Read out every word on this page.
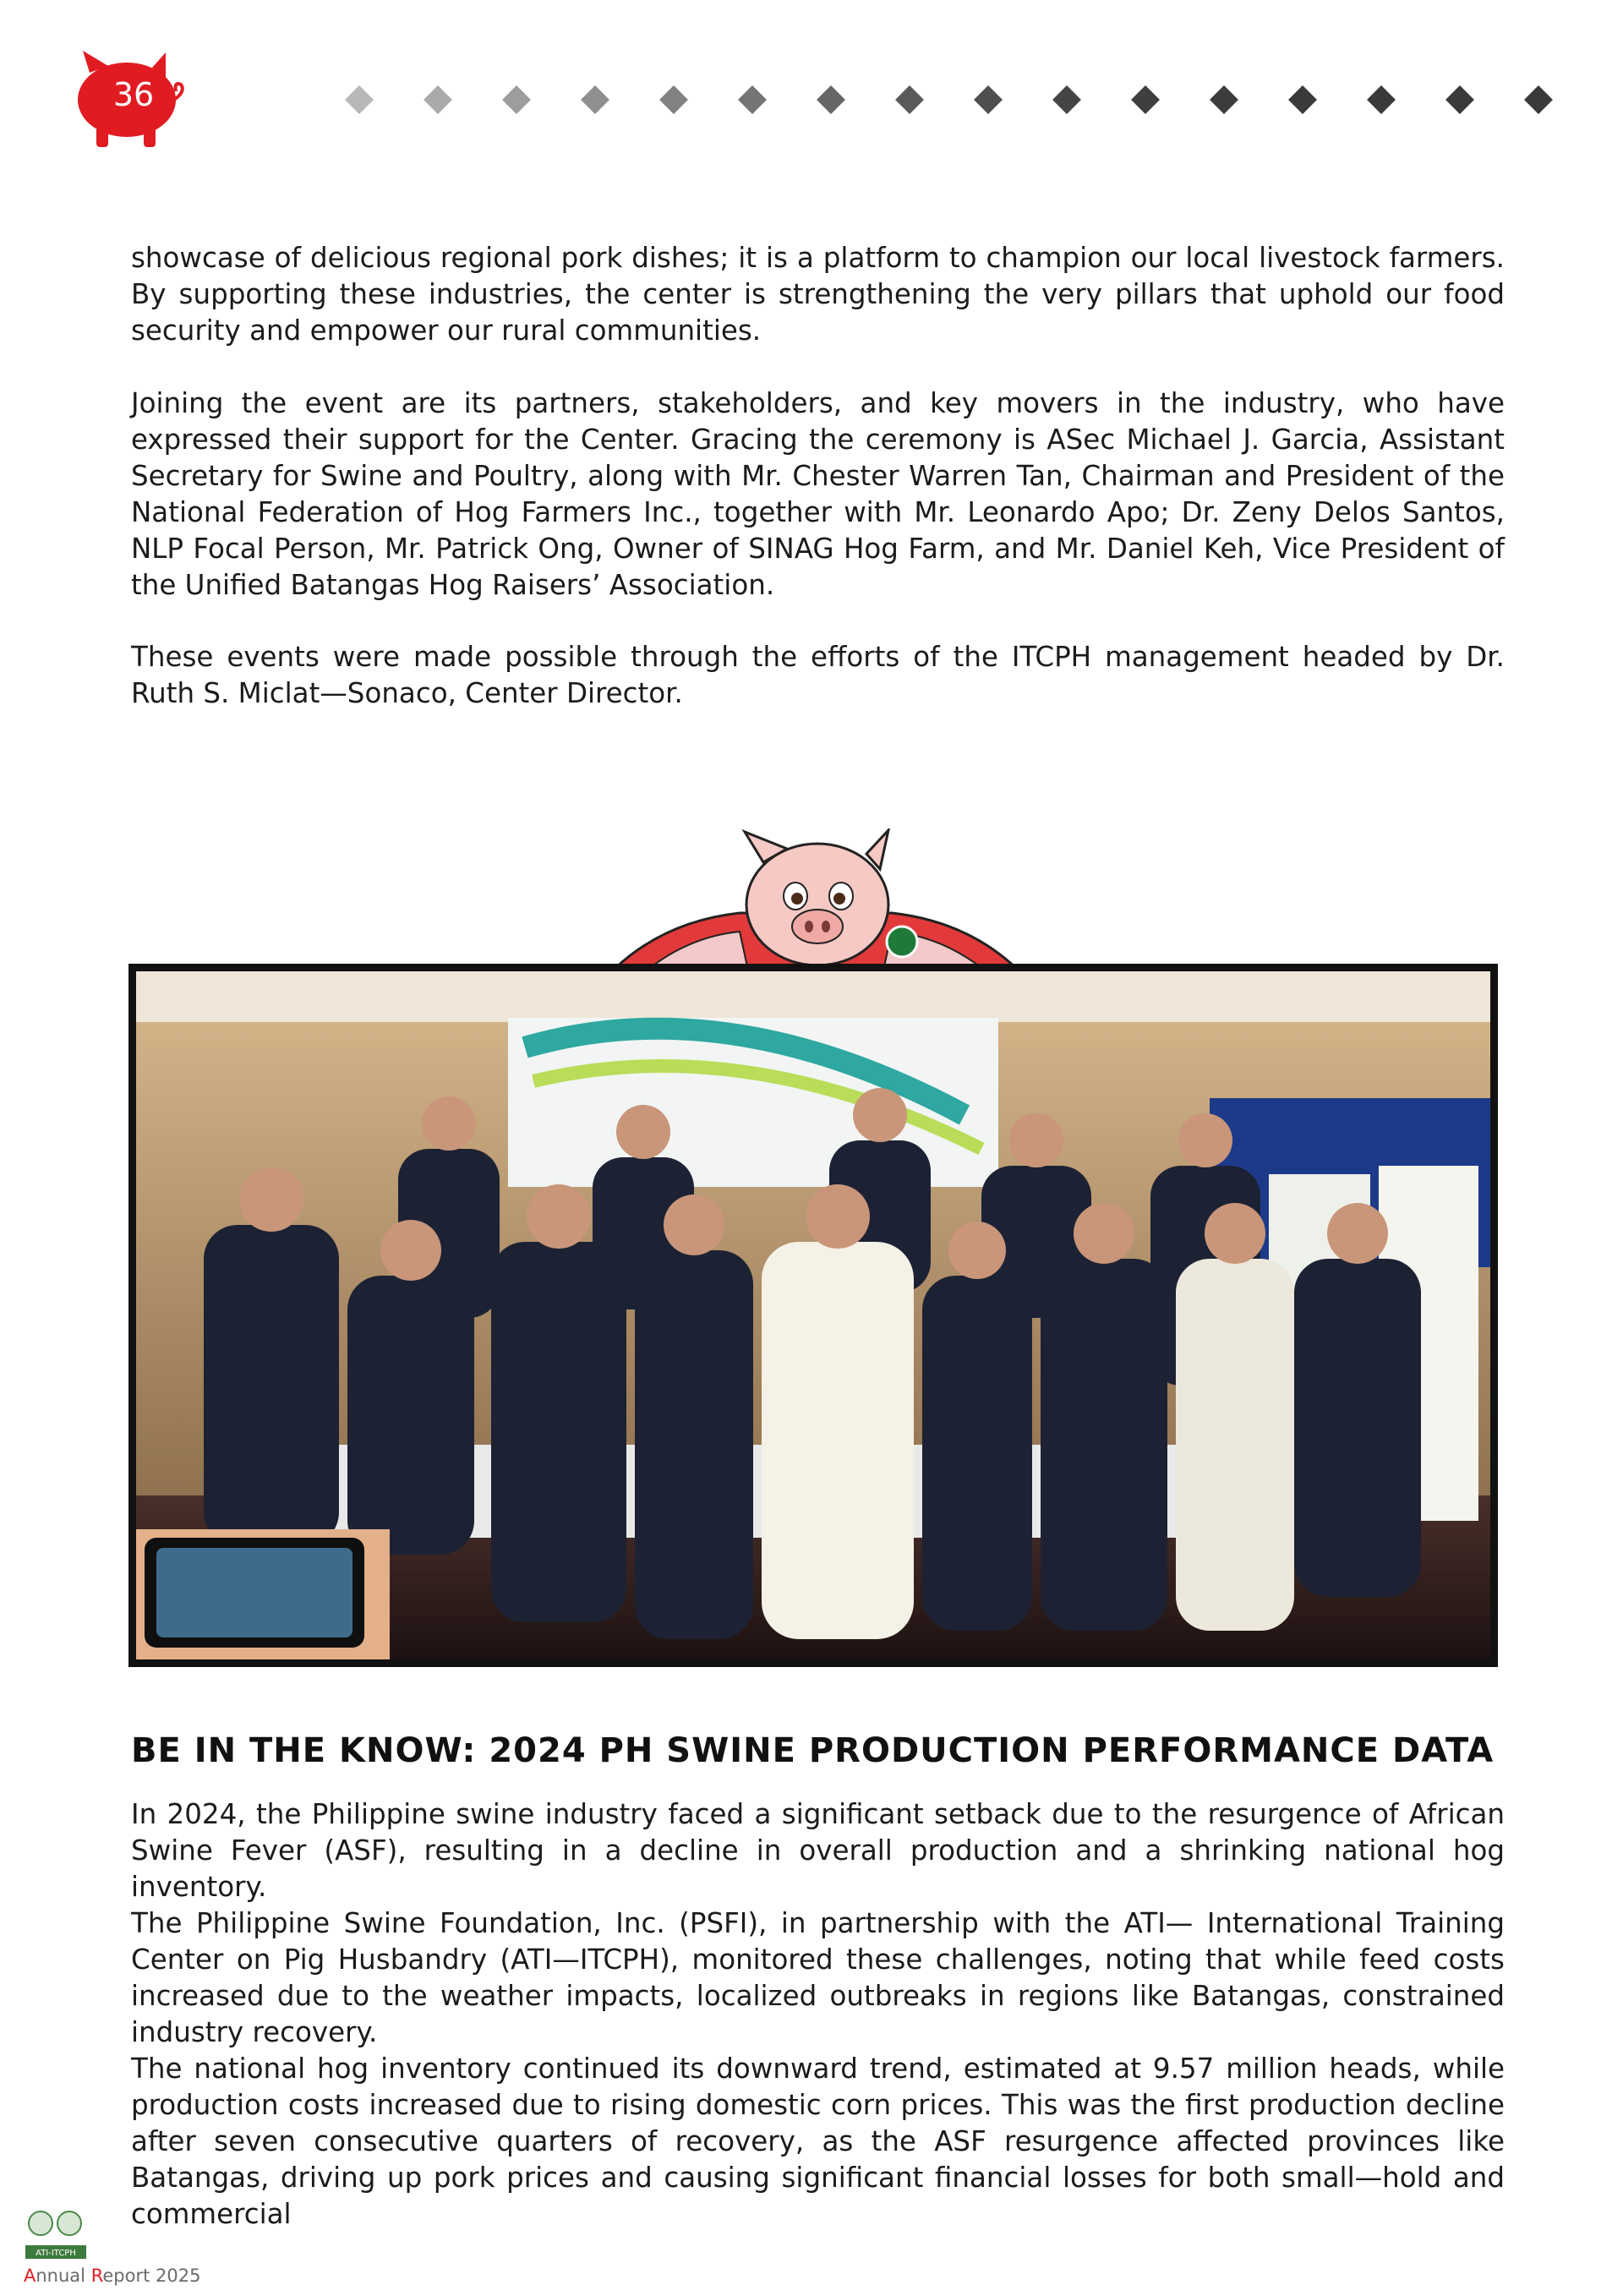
36

showcase of delicious regional pork dishes; it is a platform to champion our local livestock farmers. By supporting these industries, the center is strengthening the very pillars that uphold our food security and empower our rural communities.

Joining the event are its partners, stakeholders, and key movers in the industry, who have expressed their support for the Center. Gracing the ceremony is ASec Michael J. Garcia, Assistant Secretary for Swine and Poultry, along with Mr. Chester Warren Tan, Chairman and President of the National Federation of Hog Farmers Inc., together with Mr. Leonardo Apo; Dr. Zeny Delos Santos, NLP Focal Person, Mr. Patrick Ong, Owner of SINAG Hog Farm, and Mr. Daniel Keh, Vice President of the Unified Batangas Hog Raisers’ Association.

These events were made possible through the efforts of the ITCPH management headed by Dr. Ruth S. Miclat—Sonaco, Center Director.

BE IN THE KNOW: 2024 PH SWINE PRODUCTION PERFORMANCE DATA

In 2024, the Philippine swine industry faced a significant setback due to the resurgence of African Swine Fever (ASF), resulting in a decline in overall production and a shrinking national hog inventory.

The Philippine Swine Foundation, Inc. (PSFI), in partnership with the ATI— International Training Center on Pig Husbandry (ATI—ITCPH), monitored these challenges, noting that while feed costs increased due to the weather impacts, localized outbreaks in regions like Batangas, constrained industry recovery.

The national hog inventory continued its downward trend, estimated at 9.57 million heads, while production costs increased due to rising domestic corn prices. This was the first production decline after seven consecutive quarters of recovery, as the ASF resurgence affected provinces like Batangas, driving up pork prices and causing significant financial losses for both small—hold and commercial

ATI-ITCPH
Annual Report 2025
